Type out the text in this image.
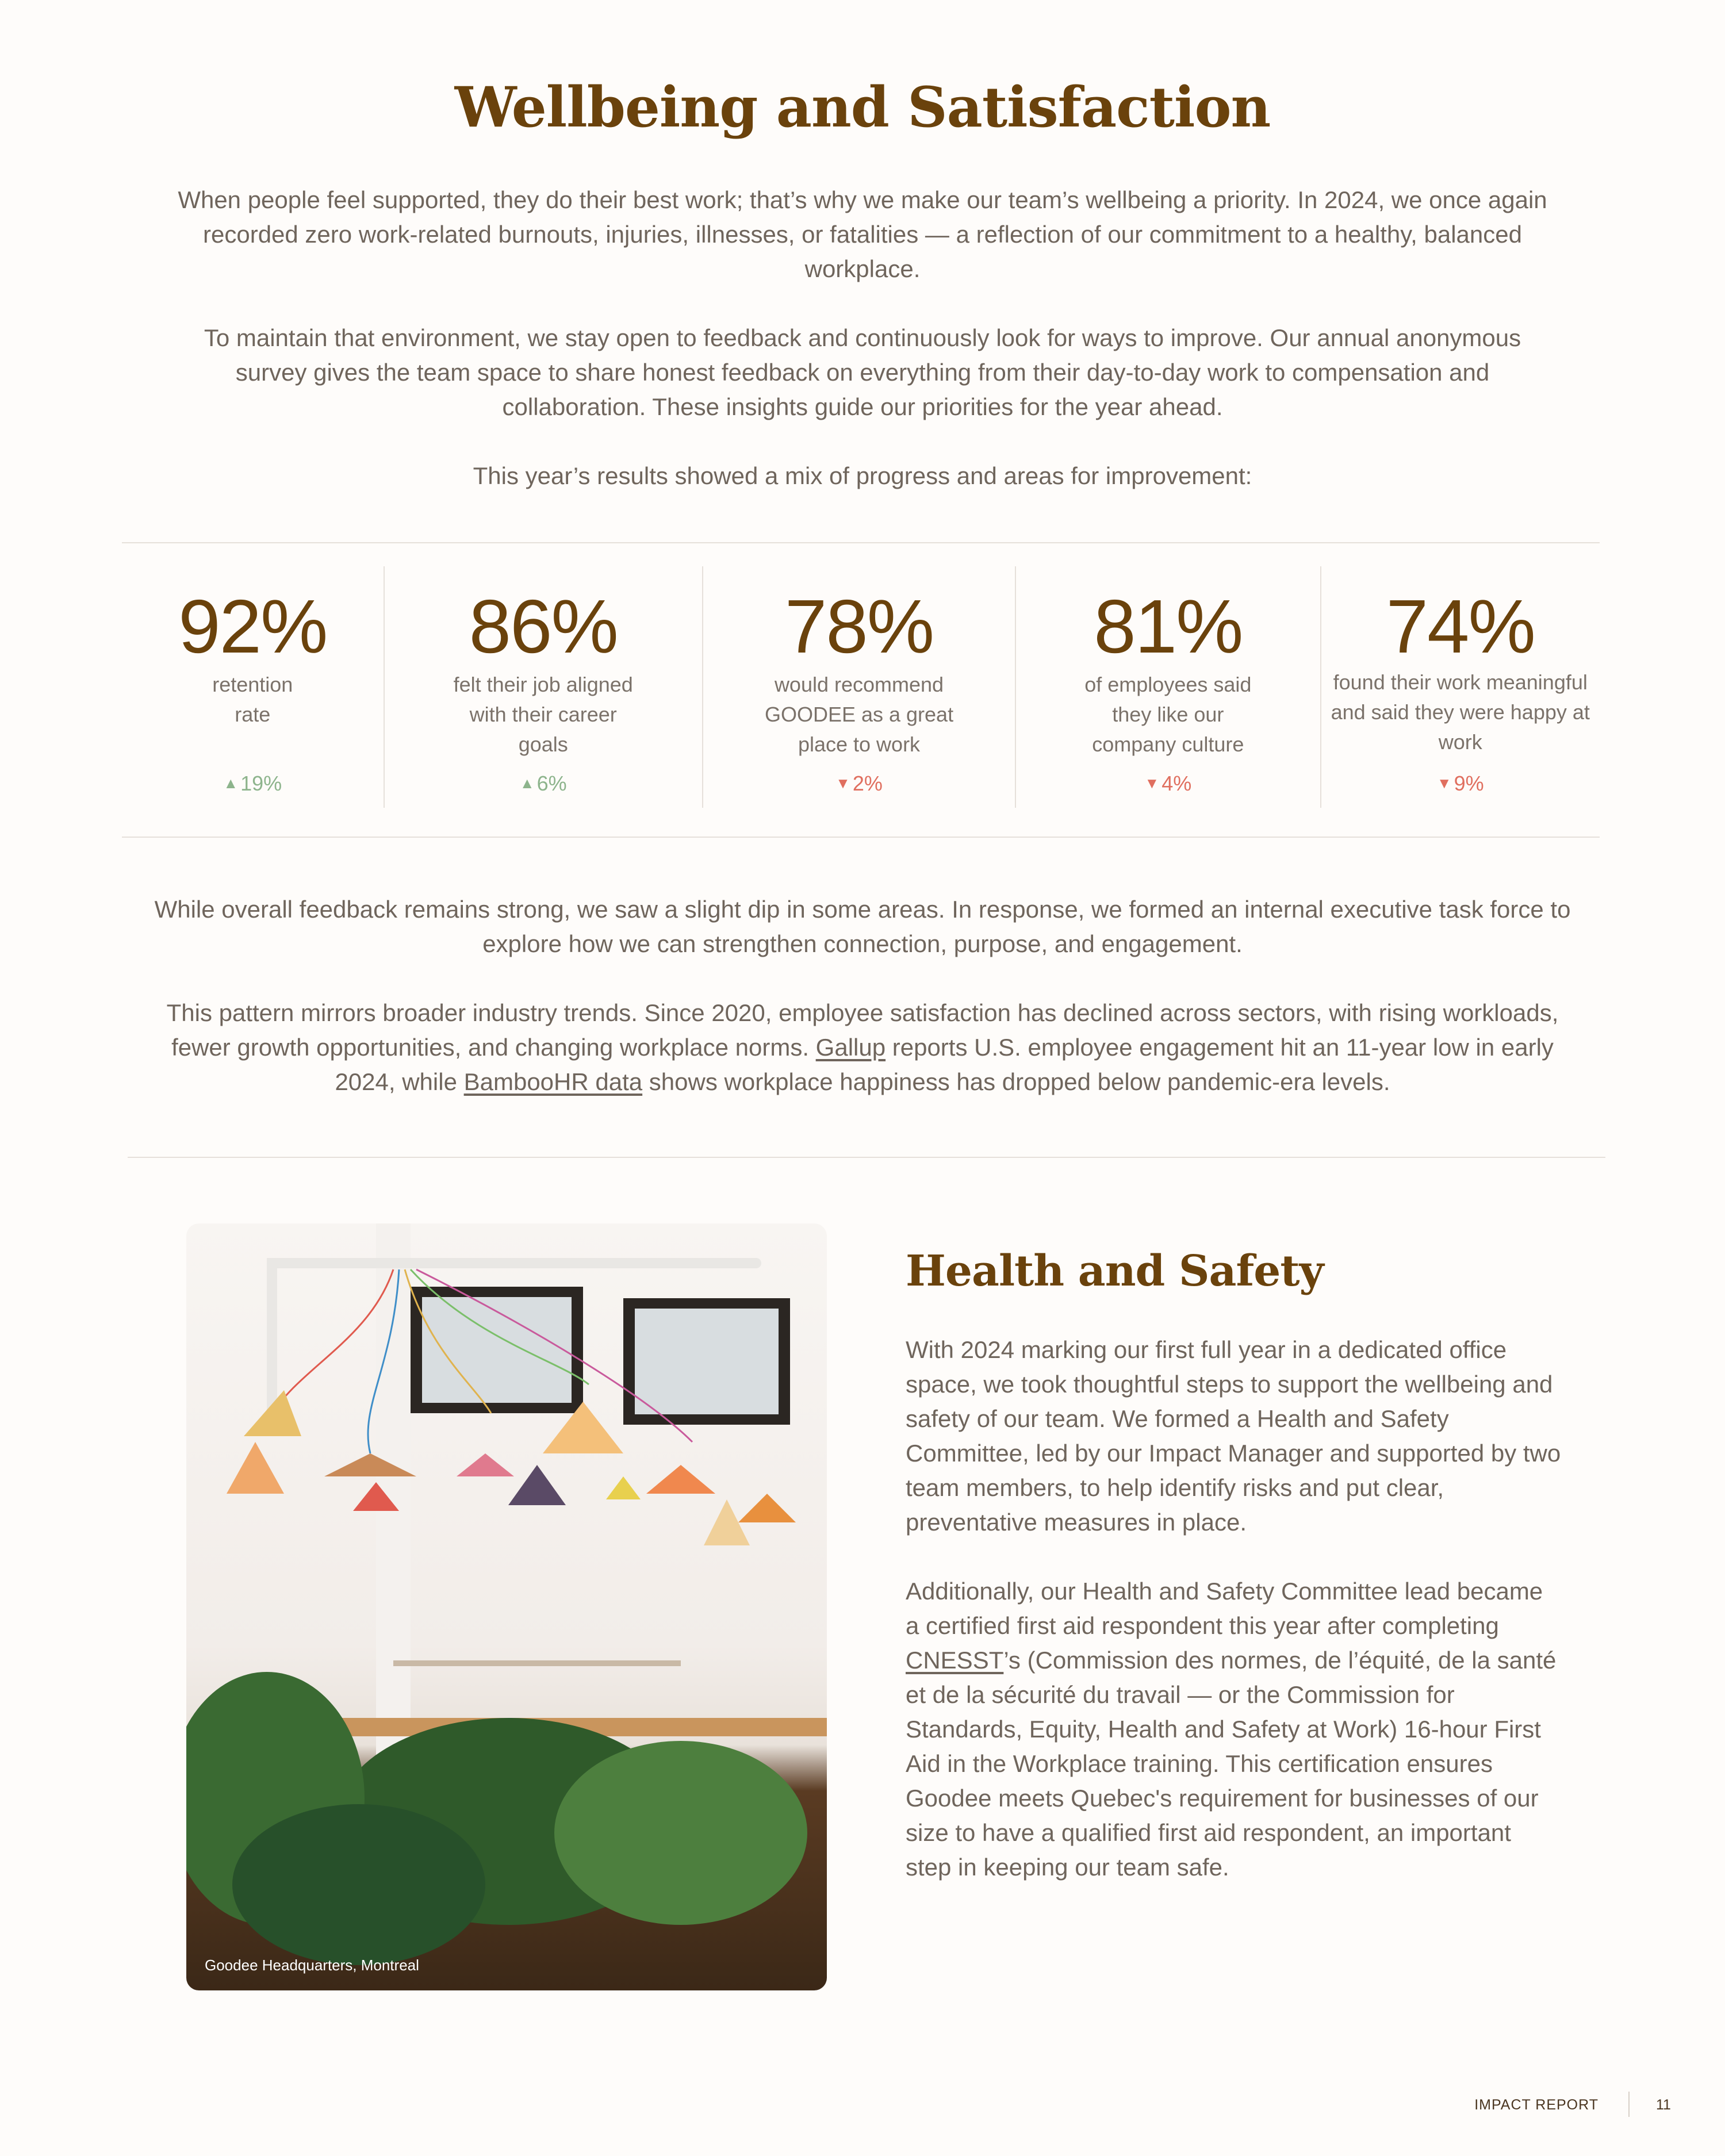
Wellbeing and Satisfaction

When people feel supported, they do their best work; that’s why we make our team’s wellbeing a priority. In 2024, we once again recorded zero work-related burnouts, injuries, illnesses, or fatalities — a reflection of our commitment to a healthy, balanced workplace.

To maintain that environment, we stay open to feedback and continuously look for ways to improve. Our annual anonymous survey gives the team space to share honest feedback on everything from their day-to-day work to compensation and collaboration. These insights guide our priorities for the year ahead.

This year’s results showed a mix of progress and areas for improvement:

92%
retention rate
▲ 19%
86%
felt their job aligned with their career goals
▲ 6%
78%
would recommend GOODEE as a great place to work
▼ 2%
81%
of employees said they like our company culture
▼ 4%
74%
found their work meaningful and said they were happy at work
▼ 9%

While overall feedback remains strong, we saw a slight dip in some areas. In response, we formed an internal executive task force to explore how we can strengthen connection, purpose, and engagement.

This pattern mirrors broader industry trends. Since 2020, employee satisfaction has declined across sectors, with rising workloads, fewer growth opportunities, and changing workplace norms. Gallup reports U.S. employee engagement hit an 11-year low in early 2024, while BambooHR data shows workplace happiness has dropped below pandemic-era levels.

Goodee Headquarters, Montreal
Health and Safety

With 2024 marking our first full year in a dedicated office space, we took thoughtful steps to support the wellbeing and safety of our team. We formed a Health and Safety Committee, led by our Impact Manager and supported by two team members, to help identify risks and put clear, preventative measures in place.

Additionally, our Health and Safety Committee lead became a certified first aid respondent this year after completing CNESST’s (Commission des normes, de l’équité, de la santé et de la sécurité du travail — or the Commission for Standards, Equity, Health and Safety at Work) 16-hour First Aid in the Workplace training. This certification ensures Goodee meets Quebec's requirement for businesses of our size to have a qualified first aid respondent, an important step in keeping our team safe.

IMPACT REPORT	11
